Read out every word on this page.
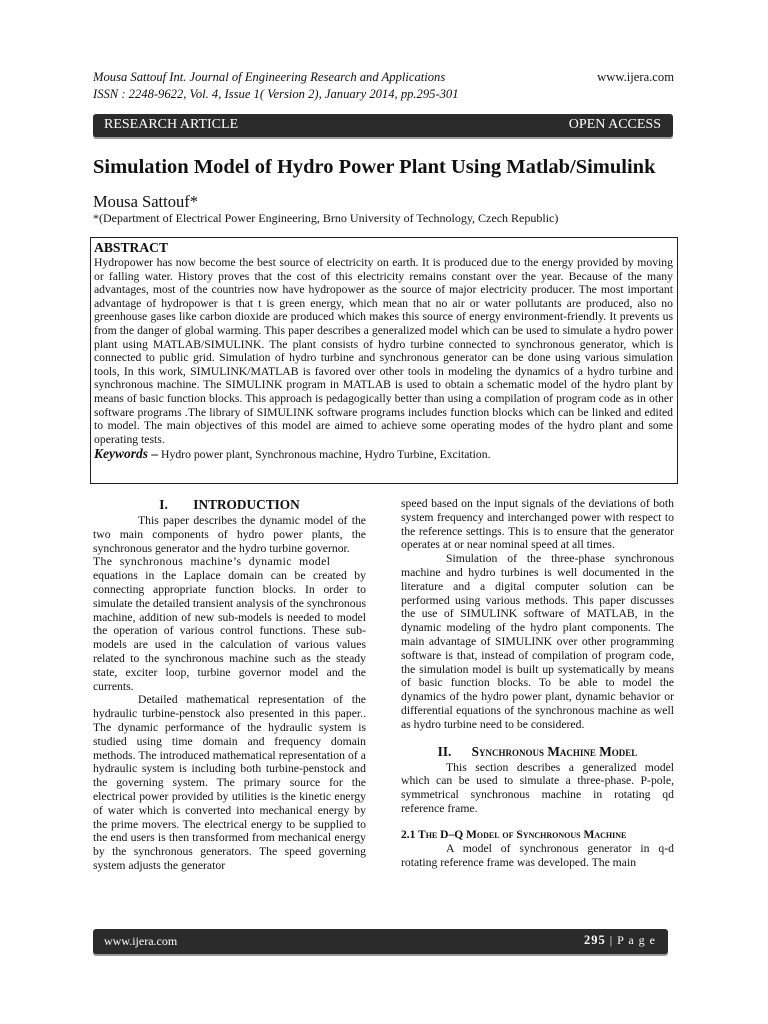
Mousa Sattouf Int. Journal of Engineering Research and Applications
ISSN : 2248-9622, Vol. 4, Issue 1( Version 2), January 2014, pp.295-301
www.ijera.com
RESEARCH ARTICLE	OPEN ACCESS
Simulation Model of Hydro Power Plant Using Matlab/Simulink
Mousa Sattouf*
*(Department of Electrical Power Engineering, Brno University of Technology, Czech Republic)

ABSTRACT

Hydropower has now become the best source of electricity on earth. It is produced due to the energy provided by moving or falling water. History proves that the cost of this electricity remains constant over the year. Because of the many advantages, most of the countries now have hydropower as the source of major electricity producer. The most important advantage of hydropower is that t is green energy, which mean that no air or water pollutants are produced, also no greenhouse gases like carbon dioxide are produced which makes this source of energy environment-friendly. It prevents us from the danger of global warming. This paper describes a generalized model which can be used to simulate a hydro power plant using MATLAB/SIMULINK. The plant consists of hydro turbine connected to synchronous generator, which is connected to public grid. Simulation of hydro turbine and synchronous generator can be done using various simulation tools, In this work, SIMULINK/MATLAB is favored over other tools in modeling the dynamics of a hydro turbine and synchronous machine. The SIMULINK program in MATLAB is used to obtain a schematic model of the hydro plant by means of basic function blocks. This approach is pedagogically better than using a compilation of program code as in other software programs .The library of SIMULINK software programs includes function blocks which can be linked and edited to model. The main objectives of this model are aimed to achieve some operating modes of the hydro plant and some operating tests.

Keywords – Hydro power plant, Synchronous machine, Hydro Turbine, Excitation.

I. INTRODUCTION

This paper describes the dynamic model of the two main components of hydro power plants, the synchronous generator and the hydro turbine governor.

The synchronous machine’s dynamic model

equations in the Laplace domain can be created by connecting appropriate function blocks. In order to simulate the detailed transient analysis of the synchronous machine, addition of new sub-models is needed to model the operation of various control functions. These sub-models are used in the calculation of various values related to the synchronous machine such as the steady state, exciter loop, turbine governor model and the currents.

Detailed mathematical representation of the hydraulic turbine-penstock also presented in this paper.. The dynamic performance of the hydraulic system is studied using time domain and frequency domain methods. The introduced mathematical representation of a hydraulic system is including both turbine-penstock and the governing system. The primary source for the electrical power provided by utilities is the kinetic energy of water which is converted into mechanical energy by the prime movers. The electrical energy to be supplied to the end users is then transformed from mechanical energy by the synchronous generators. The speed governing system adjusts the generator

speed based on the input signals of the deviations of both system frequency and interchanged power with respect to the reference settings. This is to ensure that the generator operates at or near nominal speed at all times.

Simulation of the three-phase synchronous machine and hydro turbines is well documented in the literature and a digital computer solution can be performed using various methods. This paper discusses the use of SIMULINK software of MATLAB, in the dynamic modeling of the hydro plant components. The main advantage of SIMULINK over other programming software is that, instead of compilation of program code, the simulation model is built up systematically by means of basic function blocks. To be able to model the dynamics of the hydro power plant, dynamic behavior or differential equations of the synchronous machine as well as hydro turbine need to be considered.

II. Synchronous Machine Model

This section describes a generalized model which can be used to simulate a three-phase. P-pole, symmetrical synchronous machine in rotating qd reference frame.

2.1 The D–Q Model of Synchronous Machine

A model of synchronous generator in q-d rotating reference frame was developed. The main

www.ijera.com	295 | P a g e
